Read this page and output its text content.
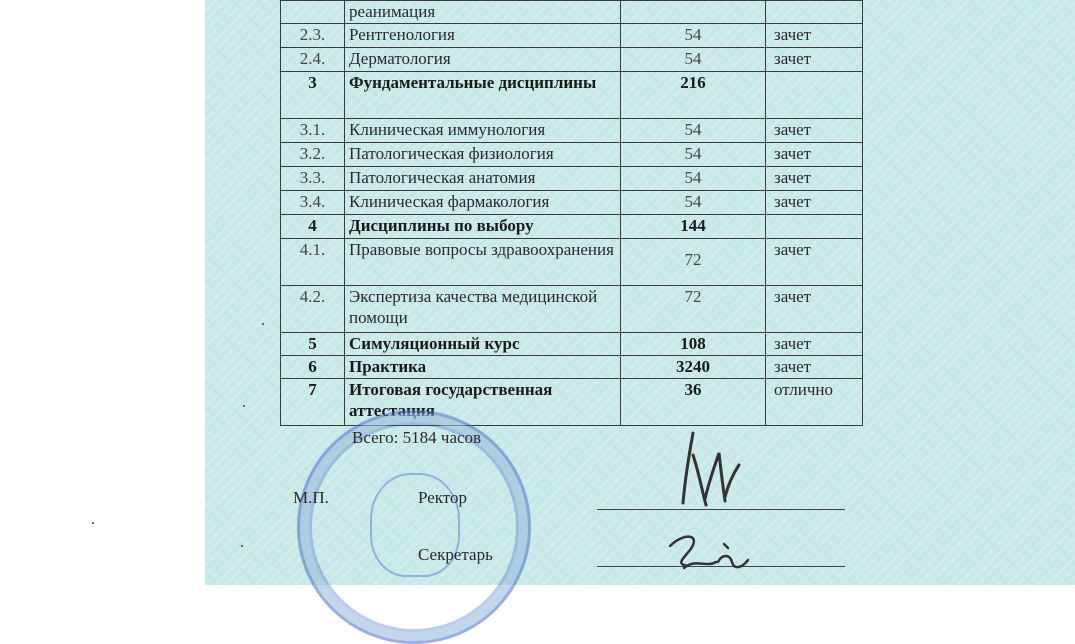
	реанимация		
2.3.	Рентгенология	54	зачет
2.4.	Дерматология	54	зачет
3	Фундаментальные дисциплины	216	
3.1.	Клиническая иммунология	54	зачет
3.2.	Патологическая физиология	54	зачет
3.3.	Патологическая анатомия	54	зачет
3.4.	Клиническая фармакология	54	зачет
4	Дисциплины по выбору	144	
4.1.	Правовые вопросы здравоохранения	72	зачет
4.2.	Экспертиза качества медицинской помощи	72	зачет
5	Симуляционный курс	108	зачет
6	Практика	3240	зачет
7	Итоговая государственная аттестация	36	отлично
Всего: 5184 часов
М.П.	Ректор
Секретарь
